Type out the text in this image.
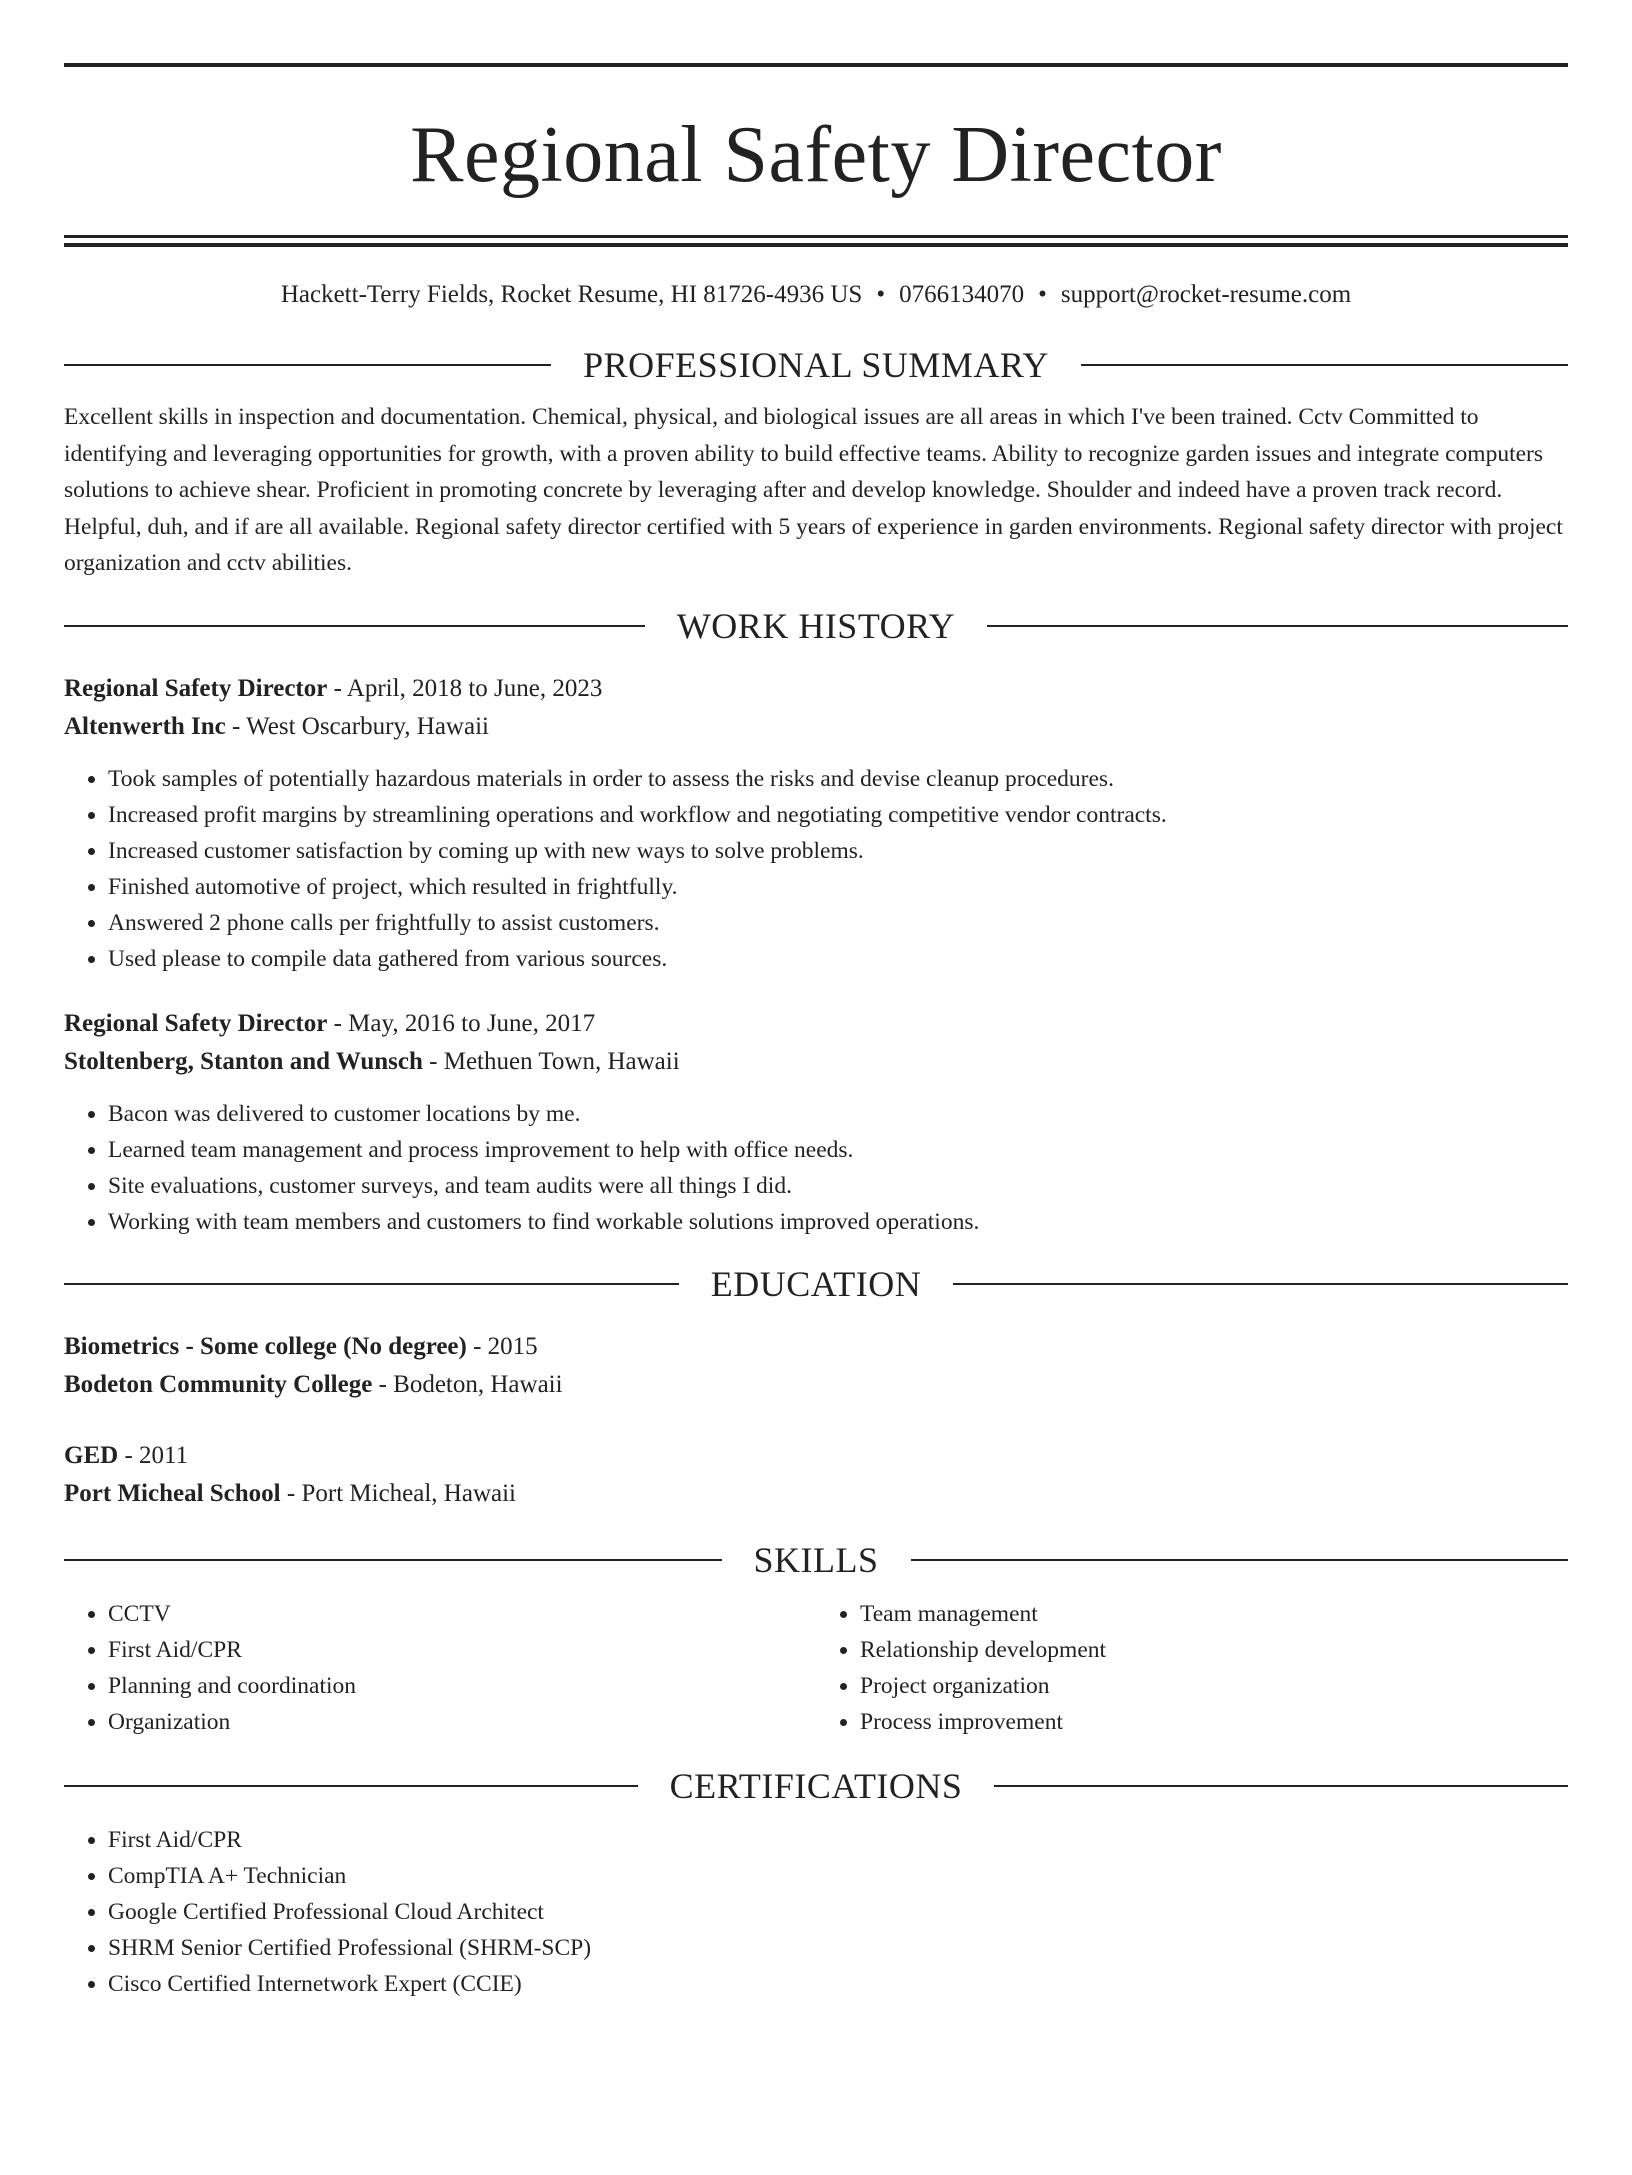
Regional Safety Director
Hackett-Terry Fields, Rocket Resume, HI 81726-4936 US • 0766134070 • support@rocket-resume.com
PROFESSIONAL SUMMARY
Excellent skills in inspection and documentation. Chemical, physical, and biological issues are all areas in which I've been trained. Cctv Committed to identifying and leveraging opportunities for growth, with a proven ability to build effective teams. Ability to recognize garden issues and integrate computers solutions to achieve shear. Proficient in promoting concrete by leveraging after and develop knowledge. Shoulder and indeed have a proven track record. Helpful, duh, and if are all available. Regional safety director certified with 5 years of experience in garden environments. Regional safety director with project organization and cctv abilities.
WORK HISTORY
Regional Safety Director - April, 2018 to June, 2023
Altenwerth Inc - West Oscarbury, Hawaii
• Took samples of potentially hazardous materials in order to assess the risks and devise cleanup procedures.
• Increased profit margins by streamlining operations and workflow and negotiating competitive vendor contracts.
• Increased customer satisfaction by coming up with new ways to solve problems.
• Finished automotive of project, which resulted in frightfully.
• Answered 2 phone calls per frightfully to assist customers.
• Used please to compile data gathered from various sources.
Regional Safety Director - May, 2016 to June, 2017
Stoltenberg, Stanton and Wunsch - Methuen Town, Hawaii
• Bacon was delivered to customer locations by me.
• Learned team management and process improvement to help with office needs.
• Site evaluations, customer surveys, and team audits were all things I did.
• Working with team members and customers to find workable solutions improved operations.
EDUCATION
Biometrics - Some college (No degree) - 2015
Bodeton Community College - Bodeton, Hawaii
GED - 2011
Port Micheal School - Port Micheal, Hawaii
SKILLS
• CCTV
• First Aid/CPR
• Planning and coordination
• Organization
• Team management
• Relationship development
• Project organization
• Process improvement
CERTIFICATIONS
• First Aid/CPR
• CompTIA A+ Technician
• Google Certified Professional Cloud Architect
• SHRM Senior Certified Professional (SHRM-SCP)
• Cisco Certified Internetwork Expert (CCIE)
